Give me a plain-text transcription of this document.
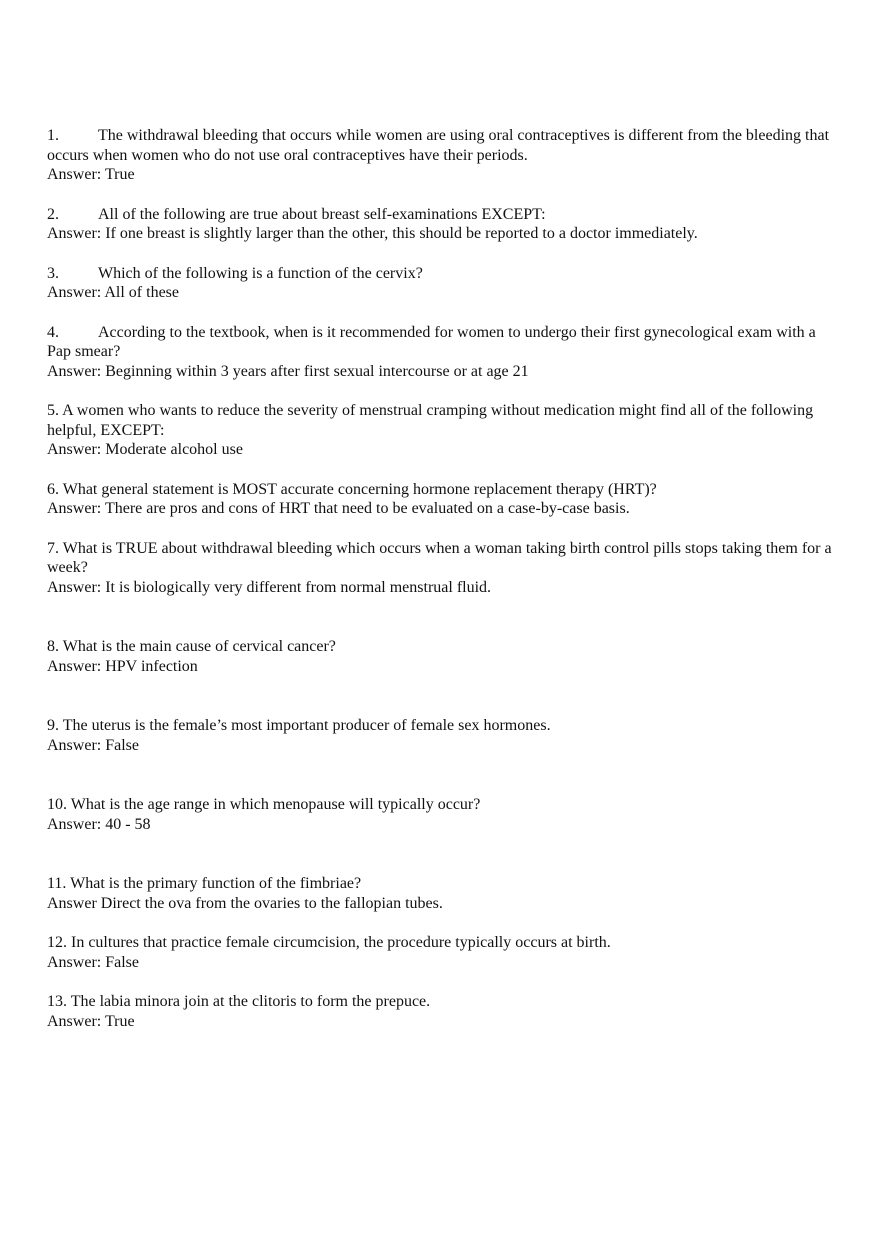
1. The withdrawal bleeding that occurs while women are using oral contraceptives is different from the bleeding that occurs when women who do not use oral contraceptives have their periods.
Answer: True
2. All of the following are true about breast self-examinations EXCEPT:
Answer: If one breast is slightly larger than the other, this should be reported to a doctor immediately.
3. Which of the following is a function of the cervix?
Answer: All of these
4. According to the textbook, when is it recommended for women to undergo their first gynecological exam with a Pap smear?
Answer: Beginning within 3 years after first sexual intercourse or at age 21
5. A women who wants to reduce the severity of menstrual cramping without medication might find all of the following helpful, EXCEPT:
Answer: Moderate alcohol use
6. What general statement is MOST accurate concerning hormone replacement therapy (HRT)?
Answer: There are pros and cons of HRT that need to be evaluated on a case-by-case basis.
7. What is TRUE about withdrawal bleeding which occurs when a woman taking birth control pills stops taking them for a week?
Answer: It is biologically very different from normal menstrual fluid.
8. What is the main cause of cervical cancer?
Answer: HPV infection
9. The uterus is the female’s most important producer of female sex hormones.
Answer: False
10. What is the age range in which menopause will typically occur?
Answer: 40 - 58
11. What is the primary function of the fimbriae?
Answer Direct the ova from the ovaries to the fallopian tubes.
12. In cultures that practice female circumcision, the procedure typically occurs at birth.
Answer: False
13. The labia minora join at the clitoris to form the prepuce.
Answer: True
